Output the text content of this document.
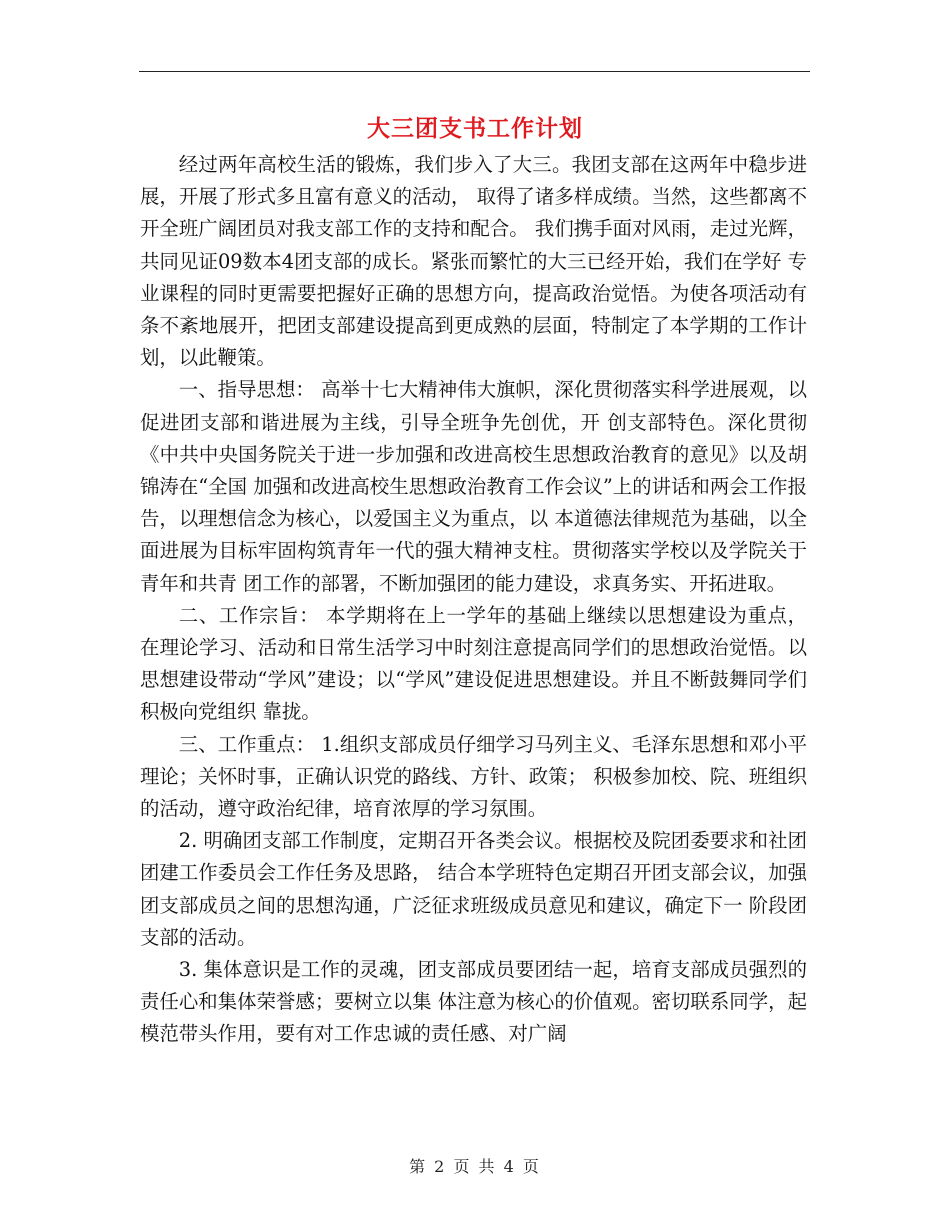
大三团支书工作计划

经过两年高校生活的锻炼，我们步入了大三。我团支部在这两年中稳步进展，开展了形式多且富有意义的活动， 取得了诸多样成绩。当然，这些都离不开全班广阔团员对我支部工作的支持和配合。 我们携手面对风雨，走过光辉，共同见证09数本4团支部的成长。紧张而繁忙的大三已经开始，我们在学好 专业课程的同时更需要把握好正确的思想方向，提高政治觉悟。为使各项活动有条不紊地展开，把团支部建设提高到更成熟的层面，特制定了本学期的工作计划，以此鞭策。

一、指导思想： 高举十七大精神伟大旗帜，深化贯彻落实科学进展观，以促进团支部和谐进展为主线，引导全班争先创优，开 创支部特色。深化贯彻《中共中央国务院关于进一步加强和改进高校生思想政治教育的意见》以及胡锦涛在“全国 加强和改进高校生思想政治教育工作会议”上的讲话和两会工作报告，以理想信念为核心，以爱国主义为重点，以 本道德法律规范为基础，以全面进展为目标牢固构筑青年一代的强大精神支柱。贯彻落实学校以及学院关于青年和共青 团工作的部署，不断加强团的能力建设，求真务实、开拓进取。

二、工作宗旨： 本学期将在上一学年的基础上继续以思想建设为重点， 在理论学习、活动和日常生活学习中时刻注意提高同学们的思想政治觉悟。以思想建设带动“学风”建设；以“学风”建设促进思想建设。并且不断鼓舞同学们积极向党组织 靠拢。

三、工作重点： 1.组织支部成员仔细学习马列主义、毛泽东思想和邓小平理论；关怀时事，正确认识党的路线、方针、政策； 积极参加校、院、班组织的活动，遵守政治纪律，培育浓厚的学习氛围。

2. 明确团支部工作制度，定期召开各类会议。根据校及院团委要求和社团团建工作委员会工作任务及思路， 结合本学班特色定期召开团支部会议，加强团支部成员之间的思想沟通，广泛征求班级成员意见和建议，确定下一 阶段团支部的活动。

3. 集体意识是工作的灵魂，团支部成员要团结一起，培育支部成员强烈的责任心和集体荣誉感；要树立以集 体注意为核心的价值观。密切联系同学，起模范带头作用，要有对工作忠诚的责任感、对广阔

第 2 页 共 4 页
